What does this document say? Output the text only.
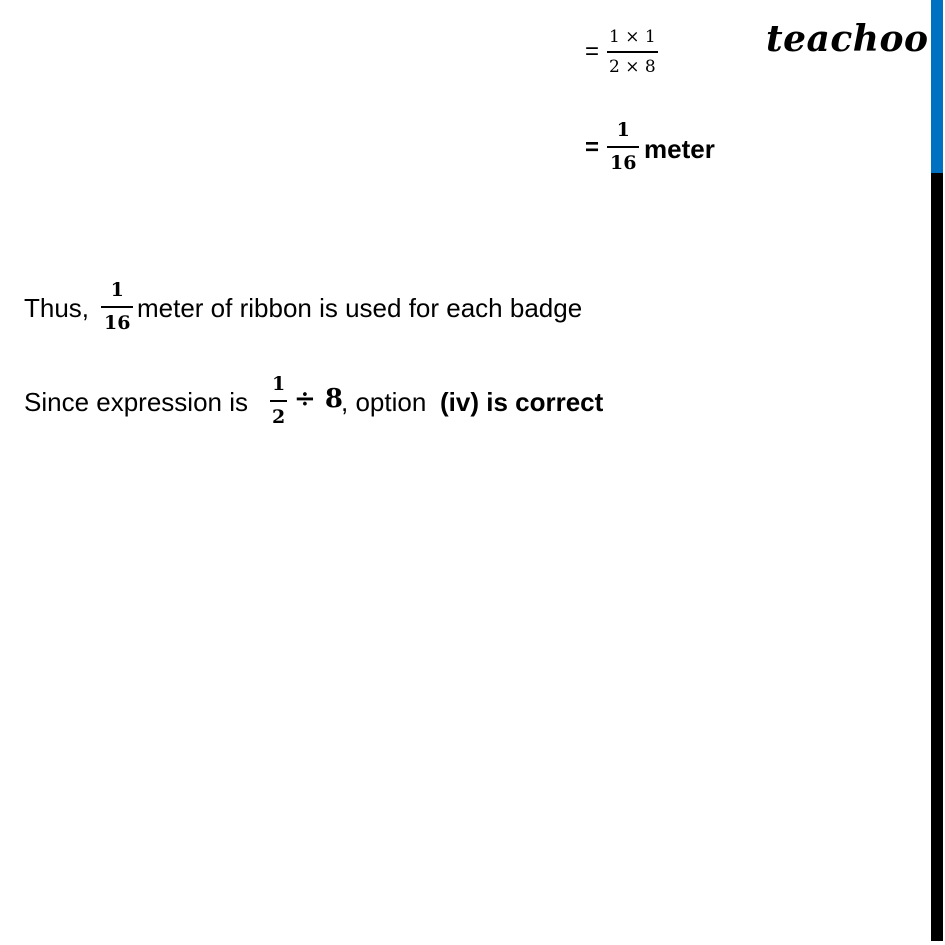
teachoo
=
1 × 1
2 × 8
=
1
16 meter
Thus,
1
16 meter of ribbon is used for each badge
Since expression is
1
2
÷ 8
, option (iv) is correct
